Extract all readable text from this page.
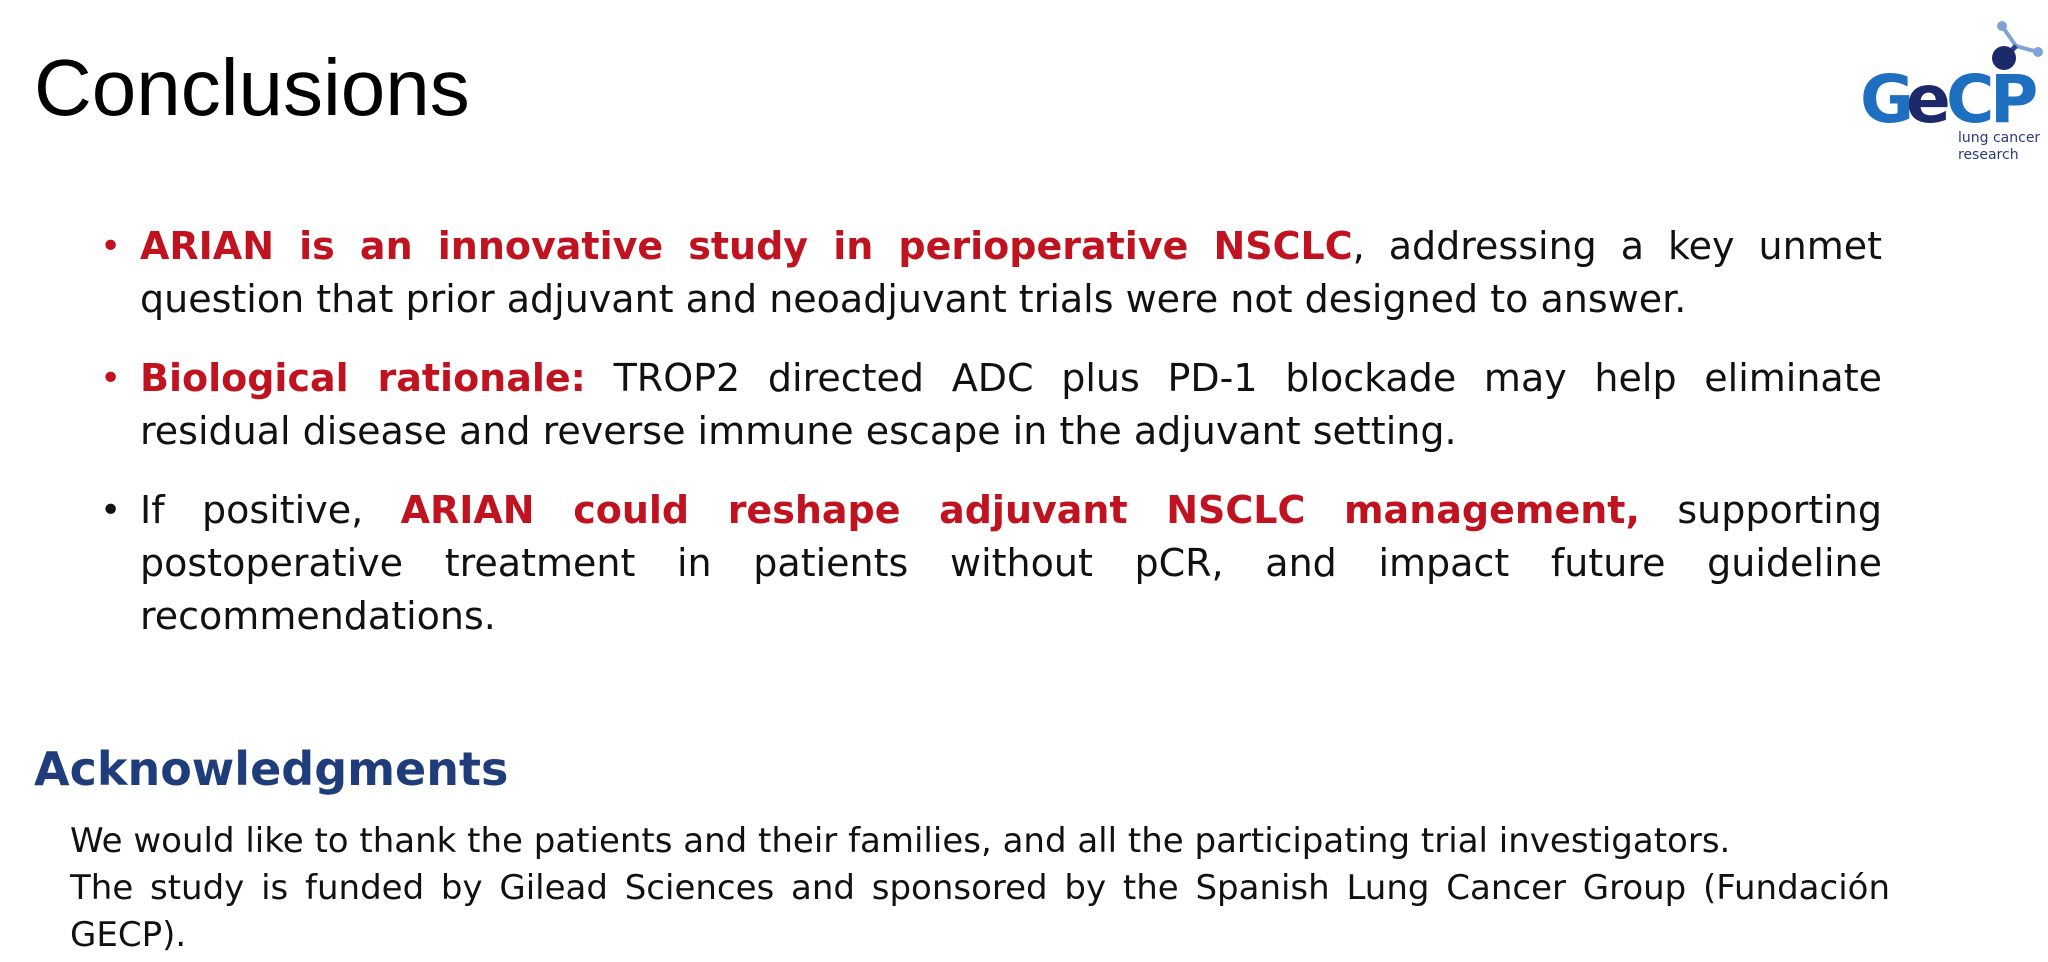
Conclusions	G
e
C
P
lung cancer
research
• ARIAN is an innovative study in perioperative NSCLC, addressing a key unmet question that prior adjuvant and neoadjuvant trials were not designed to answer.
• Biological rationale: TROP2 directed ADC plus PD-1 blockade may help eliminate residual disease and reverse immune escape in the adjuvant setting.
• If positive, ARIAN could reshape adjuvant NSCLC management, supporting postoperative treatment in patients without pCR, and impact future guideline recommendations.
Acknowledgments
We would like to thank the patients and their families, and all the participating trial investigators.
The study is funded by Gilead Sciences and sponsored by the Spanish Lung Cancer Group (Fundación GECP).
